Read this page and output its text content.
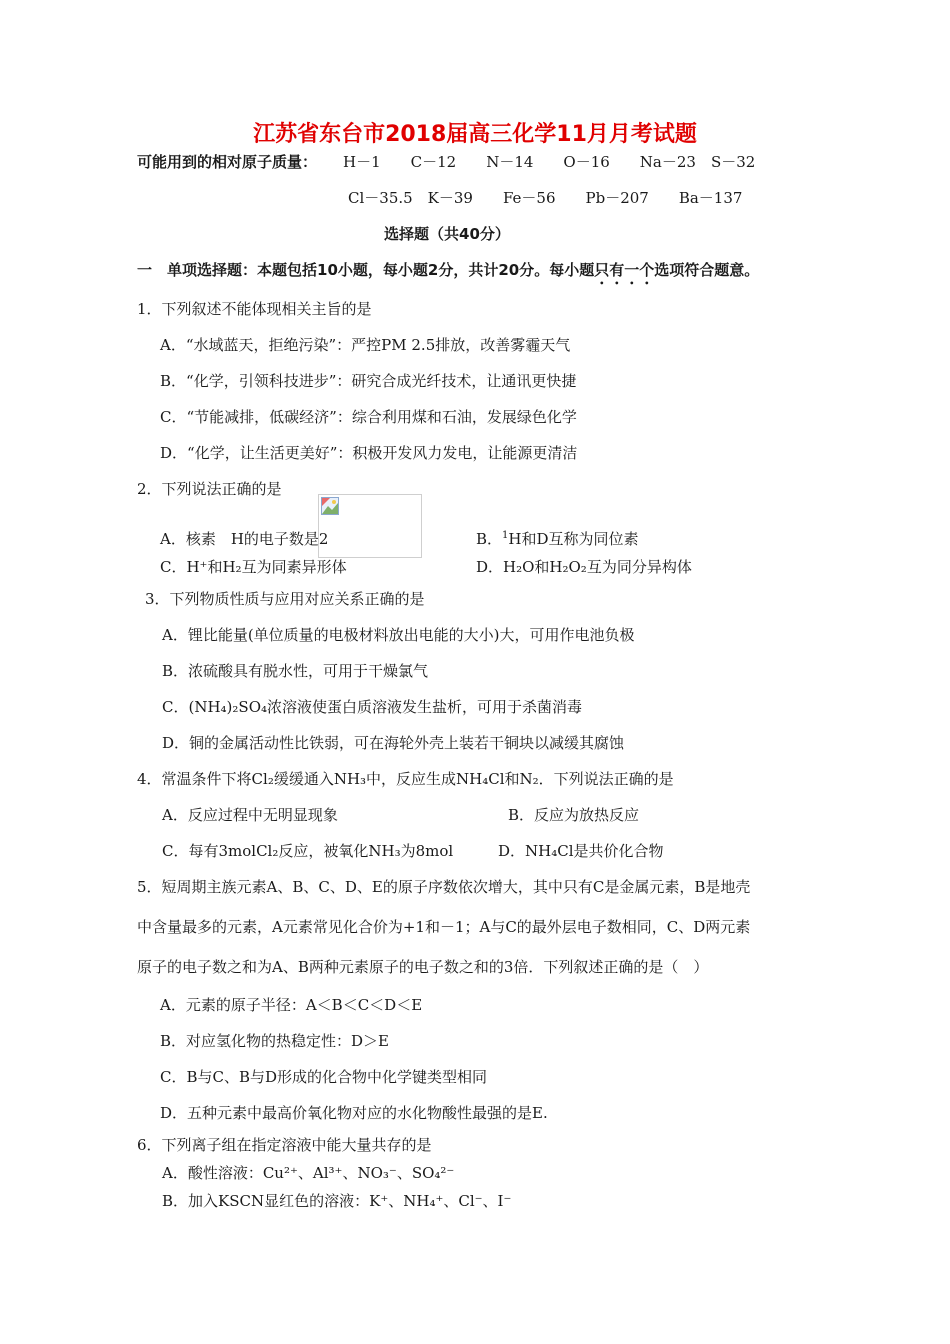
江苏省东台市2018届高三化学11月月考试题
可能用到的相对原子质量： H－1　　C－12　　N－14　　O－16　　Na－23　S－32
Cl－35.5　K－39　　Fe－56　　Pb－207　　Ba－137
选择题（共40分）
一　单项选择题：本题包括10小题，每小题2分，共计20分。每小题只有一个选项符合题意。
1．下列叙述不能体现相关主旨的是
A．“水域蓝天，拒绝污染”：严控PM 2.5排放，改善雾霾天气
B．“化学，引领科技进步”：研究合成光纤技术，让通讯更快捷
C．“节能减排，低碳经济”：综合利用煤和石油，发展绿色化学
D．“化学，让生活更美好”：积极开发风力发电，让能源更清洁
2．下列说法正确的是
A．核素　H的电子数是2	B．$^1$H和D互称为同位素
C．H⁺和H₂互为同素异形体	D．H₂O和H₂O₂互为同分异构体
3．下列物质性质与应用对应关系正确的是
A．锂比能量(单位质量的电极材料放出电能的大小)大，可用作电池负极
B．浓硫酸具有脱水性，可用于干燥氯气
C．(NH₄)₂SO₄浓溶液使蛋白质溶液发生盐析，可用于杀菌消毒
D．铜的金属活动性比铁弱，可在海轮外壳上装若干铜块以减缓其腐蚀
4．常温条件下将Cl₂缓缓通入NH₃中，反应生成NH₄Cl和N₂．下列说法正确的是
A．反应过程中无明显现象	B．反应为放热反应
C．每有3molCl₂反应，被氧化NH₃为8mol	D．NH₄Cl是共价化合物
5．短周期主族元素A、B、C、D、E的原子序数依次增大，其中只有C是金属元素，B是地壳
中含量最多的元素，A元素常见化合价为+1和－1；A与C的最外层电子数相同，C、D两元素
原子的电子数之和为A、B两种元素原子的电子数之和的3倍．下列叙述正确的是（　）
A．元素的原子半径：A＜B＜C＜D＜E
B．对应氢化物的热稳定性：D＞E
C．B与C、B与D形成的化合物中化学键类型相同
D．五种元素中最高价氧化物对应的水化物酸性最强的是E.
6．下列离子组在指定溶液中能大量共存的是
A．酸性溶液：Cu²⁺、Al³⁺、NO₃⁻、SO₄²⁻
B．加入KSCN显红色的溶液：K⁺、NH₄⁺、Cl⁻、I⁻
